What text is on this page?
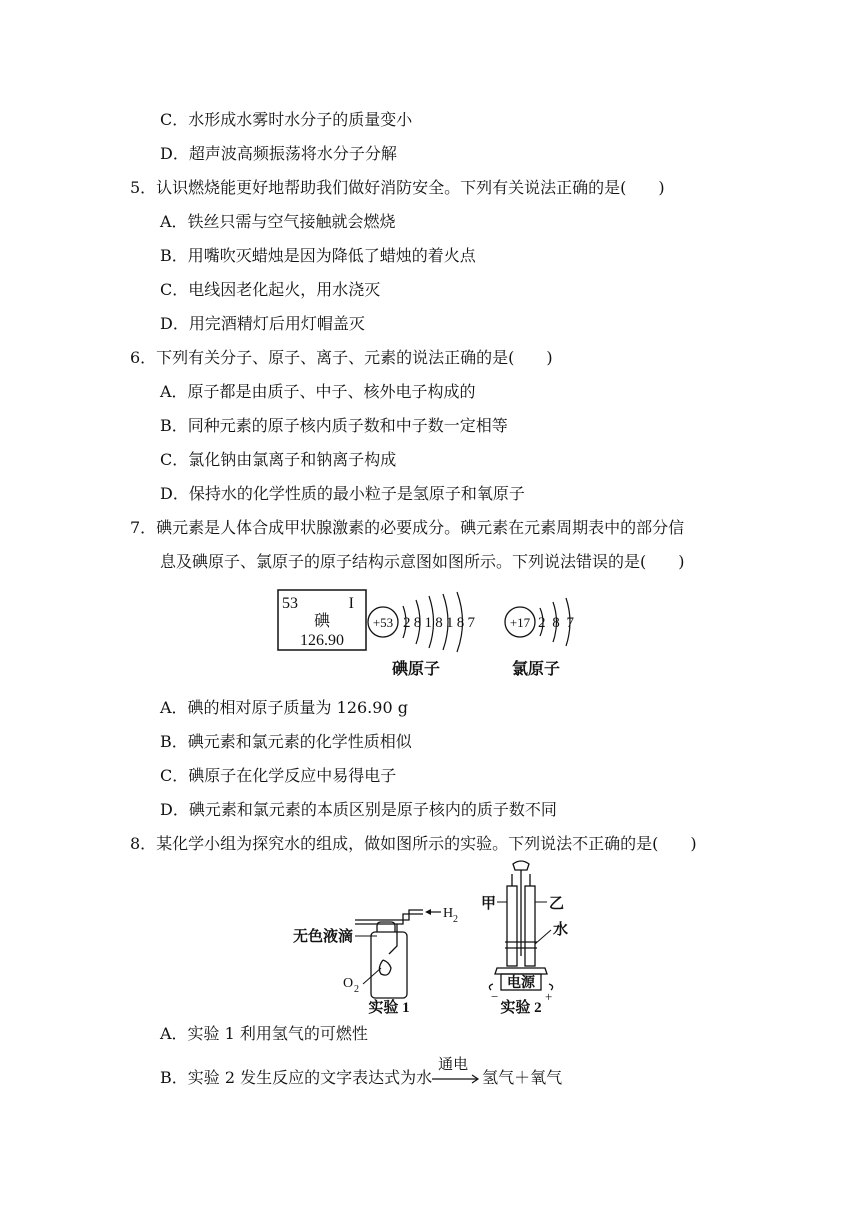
C．水形成水雾时水分子的质量变小
D．超声波高频振荡将水分子分解
5．认识燃烧能更好地帮助我们做好消防安全。下列有关说法正确的是(　　)
A．铁丝只需与空气接触就会燃烧
B．用嘴吹灭蜡烛是因为降低了蜡烛的着火点
C．电线因老化起火，用水浇灭
D．用完酒精灯后用灯帽盖灭
6．下列有关分子、原子、离子、元素的说法正确的是(　　)
A．原子都是由质子、中子、核外电子构成的
B．同种元素的原子核内质子数和中子数一定相等
C．氯化钠由氯离子和钠离子构成
D．保持水的化学性质的最小粒子是氢原子和氧原子
7．碘元素是人体合成甲状腺激素的必要成分。碘元素在元素周期表中的部分信
息及碘原子、氯原子的原子结构示意图如图所示。下列说法错误的是(　　)
53	I
碘
126.90
+53 2818187
碘原子
+17 287
氯原子
A．碘的相对原子质量为 126.90 g
B．碘元素和氯元素的化学性质相似
C．碘原子在化学反应中易得电子
D．碘元素和氯元素的本质区别是原子核内的质子数不同
8．某化学小组为探究水的组成，做如图所示的实验。下列说法不正确的是(　　)
H 2
无色液滴
O 2
实验 1
甲	乙
水
电源
−	+
实验 2
A．实验 1 利用氢气的可燃性
B．实验 2 发生反应的文字表达式为水
通电
氢气＋氧气
